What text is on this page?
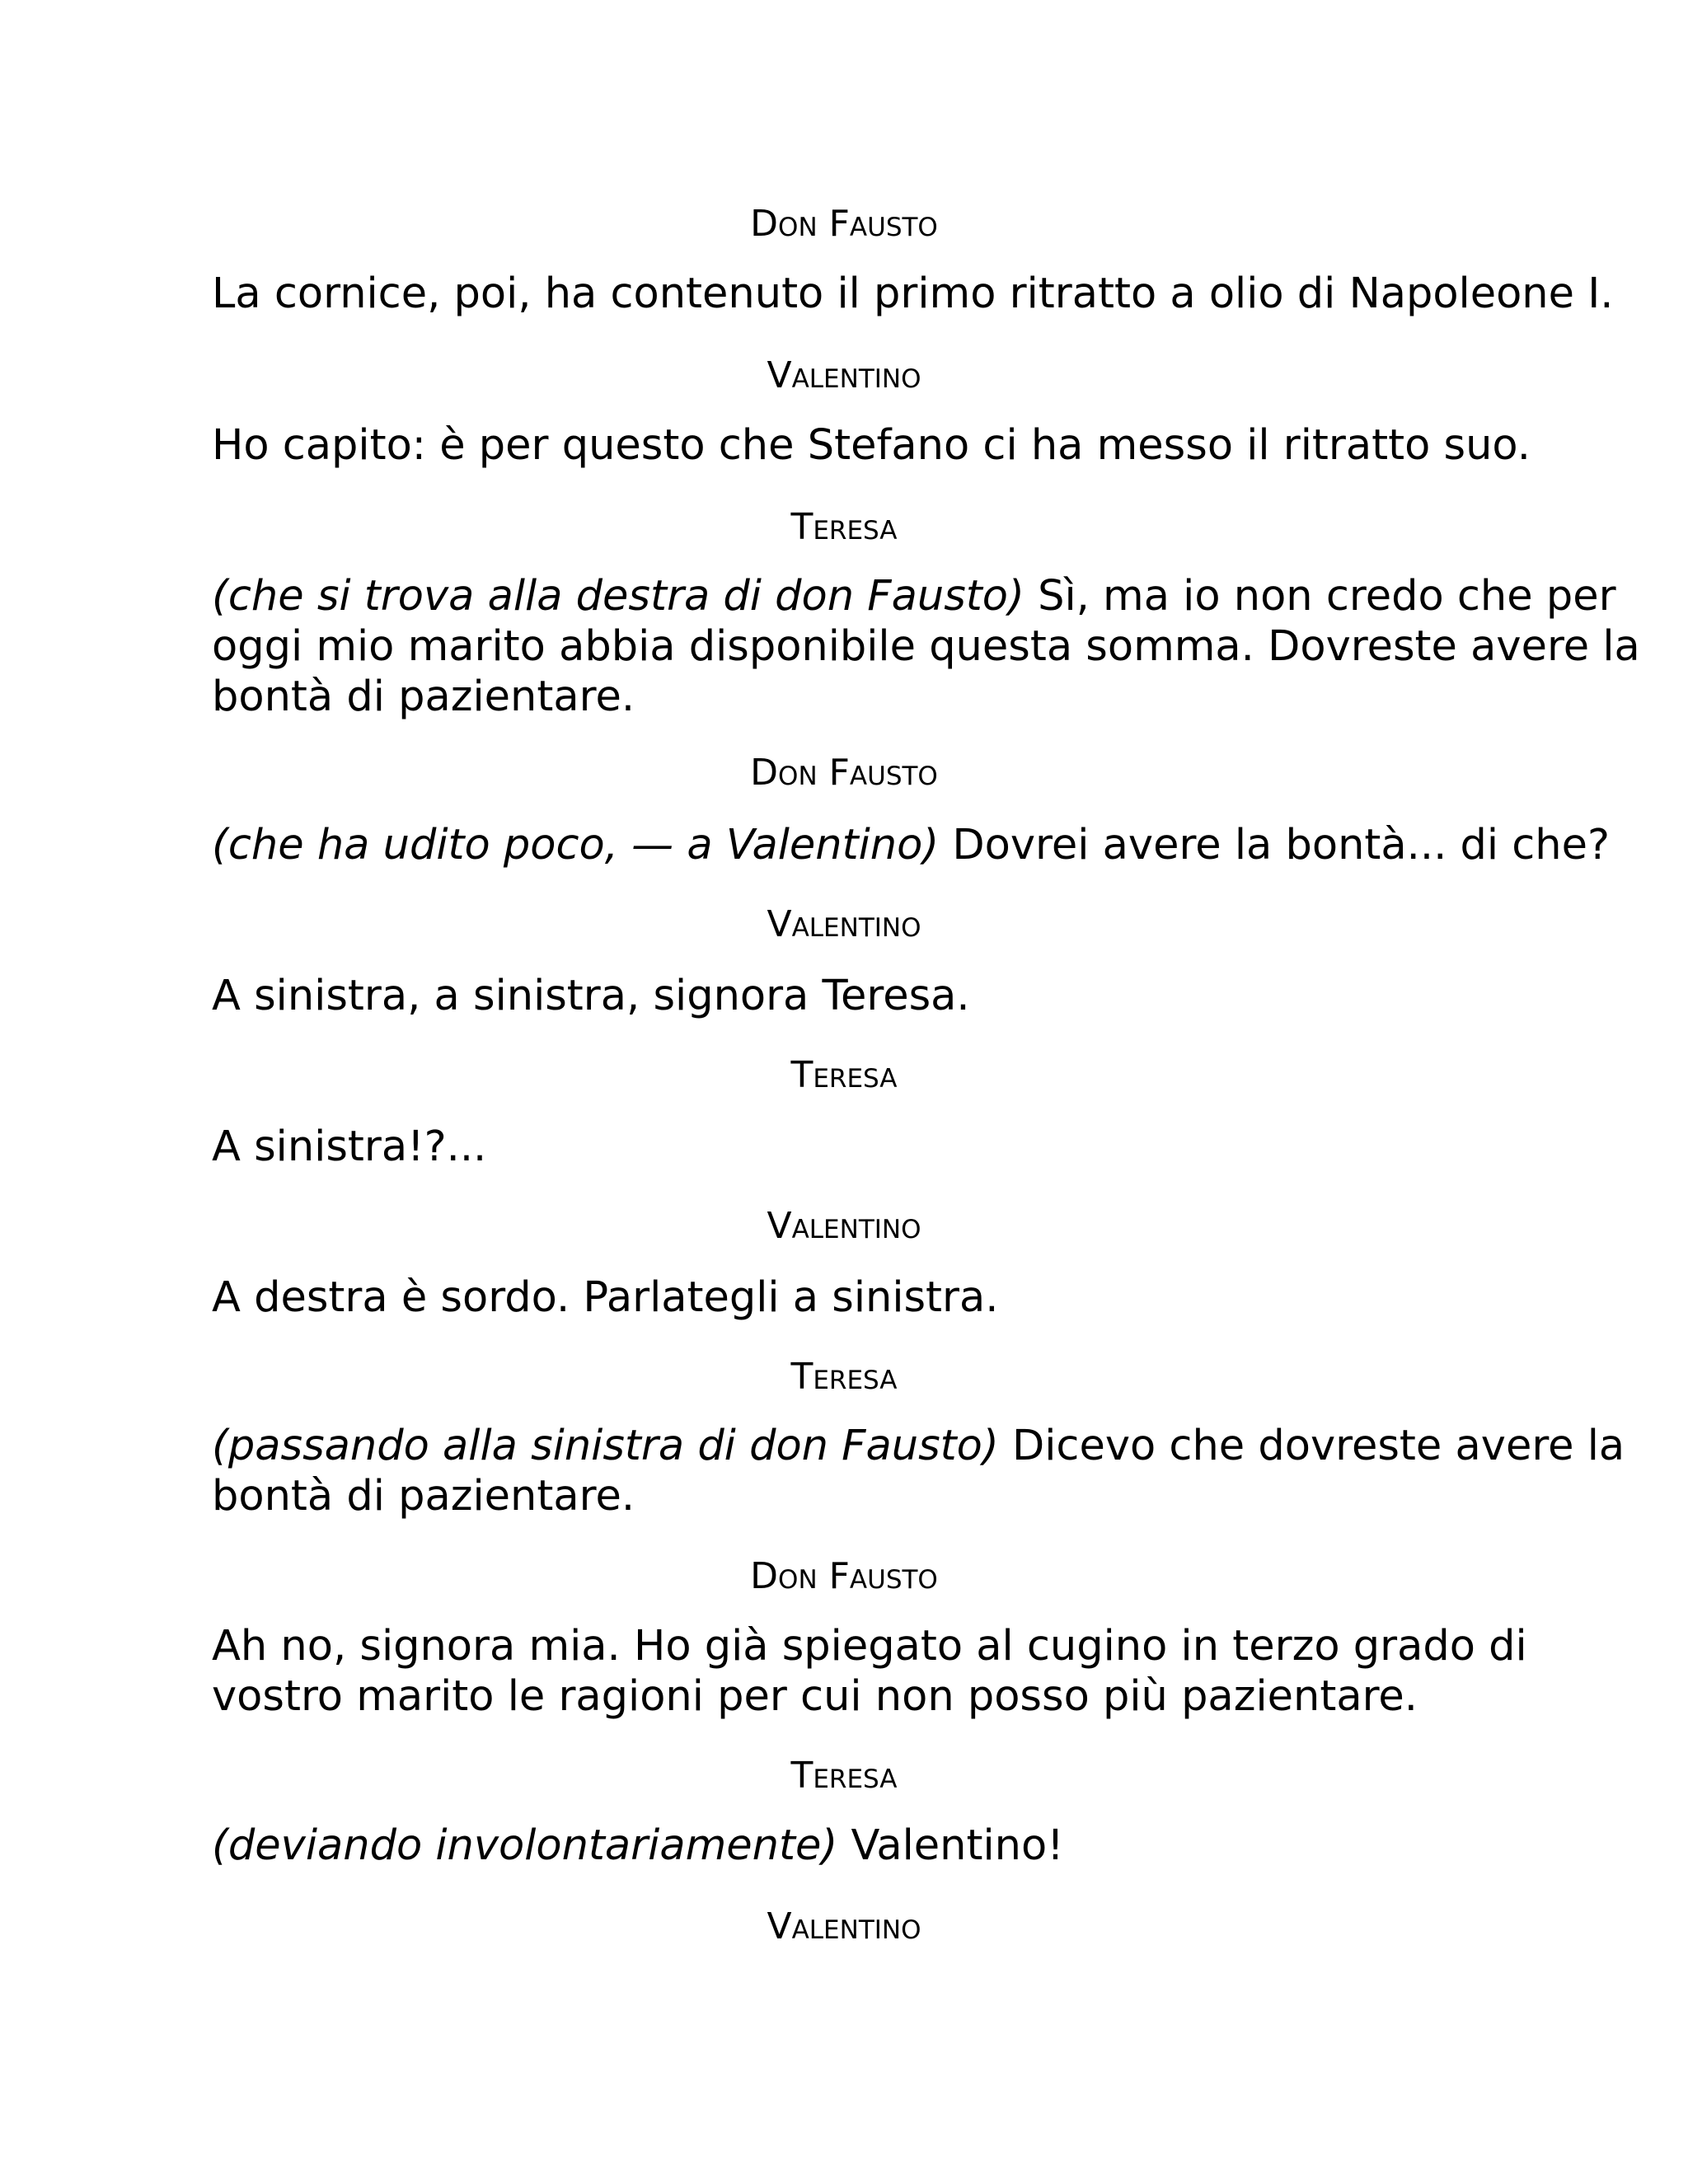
Don Fausto
La cornice, poi, ha contenuto il primo ritratto a olio di Napoleone I.
Valentino
Ho capito: è per questo che Stefano ci ha messo il ritratto suo.
Teresa
(che si trova alla destra di don Fausto) Sì, ma io non credo che per
oggi mio marito abbia disponibile questa somma. Dovreste avere la
bontà di pazientare.
Don Fausto
(che ha udito poco, — a Valentino) Dovrei avere la bontà... di che?
Valentino
A sinistra, a sinistra, signora Teresa.
Teresa
A sinistra!?...
Valentino
A destra è sordo. Parlategli a sinistra.
Teresa
(passando alla sinistra di don Fausto) Dicevo che dovreste avere la
bontà di pazientare.
Don Fausto
Ah no, signora mia. Ho già spiegato al cugino in terzo grado di
vostro marito le ragioni per cui non posso più pazientare.
Teresa
(deviando involontariamente) Valentino!
Valentino
